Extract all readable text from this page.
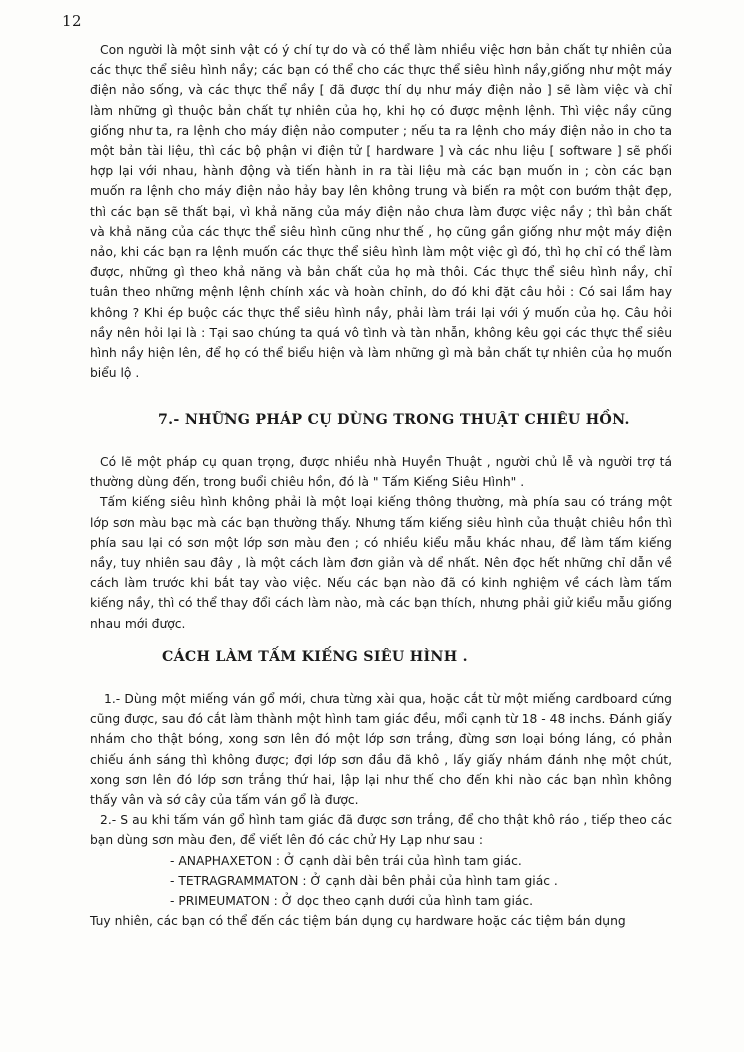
12

Con người là một sinh vật có ý chí tự do và có thể làm nhiều việc hơn bản chất tự nhiên của các thực thể siêu hình nầy; các bạn có thể cho các thực thể siêu hình nầy,giống như một máy điện nảo sống, và các thực thể nầy [ đã được thí dụ như máy điện nảo ] sẽ làm việc và chỉ làm những gì thuộc bản chất tự nhiên của họ, khi họ có được mệnh lệnh. Thì việc nầy cũng giống như ta, ra lệnh cho máy điện nảo computer ; nếu ta ra lệnh cho máy điện nảo in cho ta một bản tài liệu, thì các bộ phận vi điện tử [ hardware ] và các nhu liệu [ software ] sẽ phối hợp lại với nhau, hành động và tiến hành in ra tài liệu mà các bạn muốn in ; còn các bạn muốn ra lệnh cho máy điện nảo hảy bay lên không trung và biến ra một con bướm thật đẹp, thì các bạn sẽ thất bại, vì khả năng của máy điện nảo chưa làm được việc nầy ; thì bản chất và khả năng của các thực thể siêu hình cũng như thế , họ cũng gần giống như một máy điện nảo, khi các bạn ra lệnh muốn các thực thể siêu hình làm một việc gì đó, thì họ chỉ có thể làm được, những gì theo khả năng và bản chất của họ mà thôi. Các thực thể siêu hình nầy, chỉ tuân theo những mệnh lệnh chính xác và hoàn chỉnh, do đó khi đặt câu hỏi : Có sai lầm hay không ? Khi ép buộc các thực thể siêu hình nầy, phải làm trái lại với ý muốn của họ. Câu hỏi nầy nên hỏi lại là : Tại sao chúng ta quá vô tình và tàn nhẫn, không kêu gọi các thực thể siêu hình nầy hiện lên, để họ có thể biểu hiện và làm những gì mà bản chất tự nhiên của họ muốn biểu lộ .

7.- NHỮNG PHÁP CỤ DÙNG TRONG THUẬT CHIÊU HỒN.

Có lẽ một pháp cụ quan trọng, được nhiều nhà Huyền Thuật , người chủ lễ và người trợ tá thường dùng đến, trong buổi chiêu hồn, đó là " Tấm Kiếng Siêu Hình" .

Tấm kiếng siêu hình không phải là một loại kiếng thông thường, mà phía sau có tráng một lớp sơn màu bạc mà các bạn thường thấy. Nhưng tấm kiếng siêu hình của thuật chiêu hồn thì phía sau lại có sơn một lớp sơn màu đen ; có nhiều kiểu mẫu khác nhau, để làm tấm kiếng nầy, tuy nhiên sau đây , là một cách làm đơn giản và dể nhất. Nên đọc hết những chỉ dẫn về cách làm trước khi bắt tay vào việc. Nếu các bạn nào đã có kinh nghiệm về cách làm tấm kiếng nầy, thì có thể thay đổi cách làm nào, mà các bạn thích, nhưng phải giử kiểu mẫu giống nhau mới được.

CÁCH LÀM TẤM KIẾNG SIÊU HÌNH .

1.- Dùng một miếng ván gổ mới, chưa từng xài qua, hoặc cắt từ một miếng cardboard cứng cũng được, sau đó cắt làm thành một hình tam giác đều, mổi cạnh từ 18 - 48 inchs. Đánh giấy nhám cho thật bóng, xong sơn lên đó một lớp sơn trắng, đừng sơn loại bóng láng, có phản chiếu ánh sáng thì không được; đợi lớp sơn đầu đã khô , lấy giấy nhám đánh nhẹ một chút, xong sơn lên đó lớp sơn trắng thứ hai, lập lại như thế cho đến khi nào các bạn nhìn không thấy vân và sớ cây của tấm ván gổ là được.

2.- S au khi tấm ván gổ hình tam giác đã được sơn trắng, để cho thật khô ráo , tiếp theo các bạn dùng sơn màu đen, để viết lên đó các chử Hy Lạp như sau :

- ANAPHAXETON : Ở cạnh dài bên trái của hình tam giác.
- TETRAGRAMMATON : Ở cạnh dài bên phải của hình tam giác .
- PRIMEUMATON : Ở dọc theo cạnh dưới của hình tam giác.

Tuy nhiên, các bạn có thể đến các tiệm bán dụng cụ hardware hoặc các tiệm bán dụng
